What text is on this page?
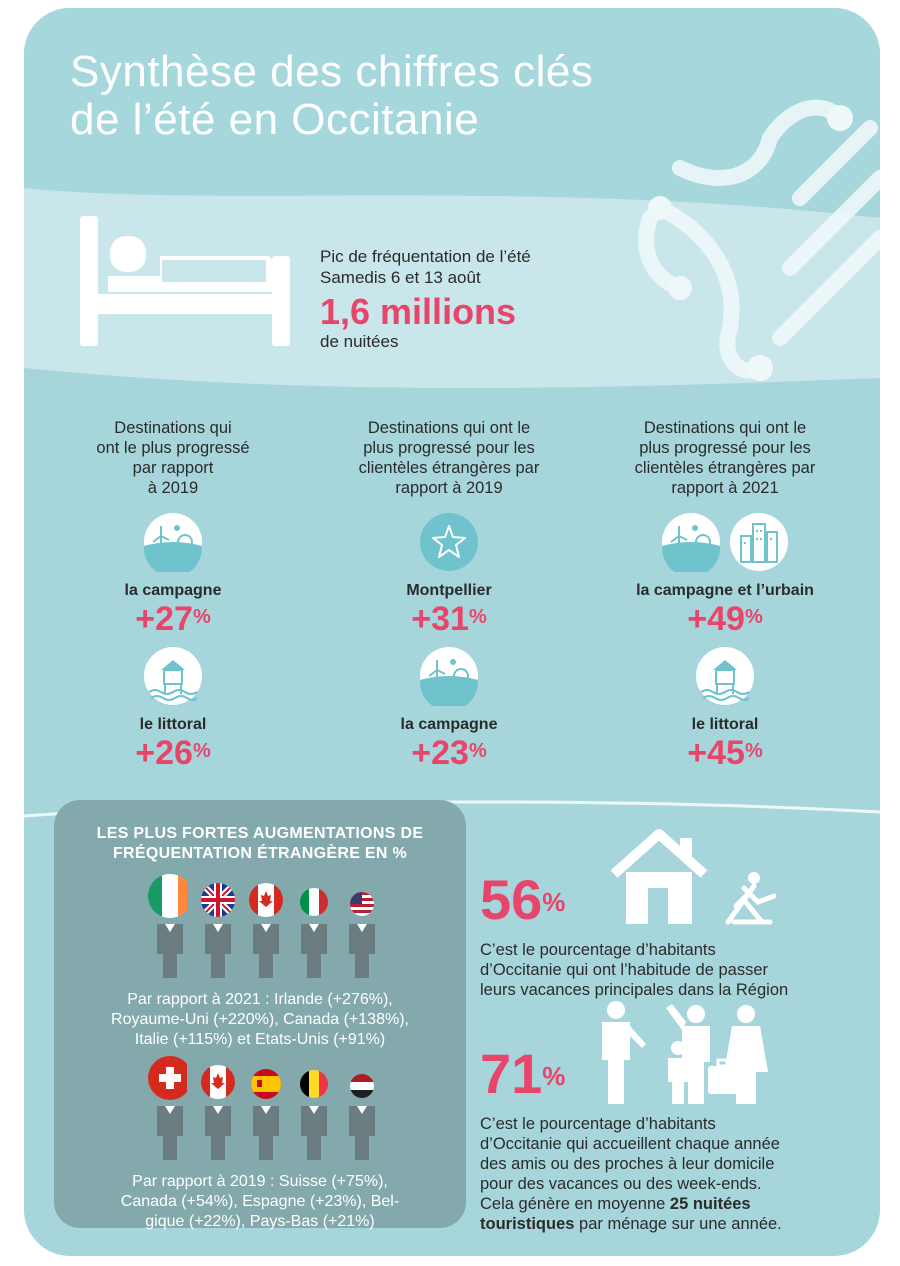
Synthèse des chiffres clés
de l’été en Occitanie
Pic de fréquentation de l’été
Samedis 6 et 13 août
1,6 millions
de nuitées
Destinations qui
ont le plus progressé
par rapport
à 2019
la campagne
+27%
le littoral
+26%
Destinations qui ont le
plus progressé pour les
clientèles étrangères par
rapport à 2019
Montpellier
+31%
la campagne
+23%
Destinations qui ont le
plus progressé pour les
clientèles étrangères par
rapport à 2021
la campagne et l’urbain
+49%
le littoral
+45%
LES PLUS FORTES AUGMENTATIONS DE
FRÉQUENTATION ÉTRANGÈRE EN %
Par rapport à 2021 : Irlande (+276%),
Royaume-Uni (+220%), Canada (+138%),
Italie (+115%) et Etats-Unis (+91%)
Par rapport à 2019 : Suisse (+75%),
Canada (+54%), Espagne (+23%), Bel-
gique (+22%), Pays-Bas (+21%)
56%
C’est le pourcentage d’habitants
d’Occitanie qui ont l’habitude de passer
leurs vacances principales dans la Région
71%
C’est le pourcentage d’habitants
d’Occitanie qui accueillent chaque année
des amis ou des proches à leur domicile
pour des vacances ou des week-ends.
Cela génère en moyenne 25 nuitées
touristiques par ménage sur une année.
